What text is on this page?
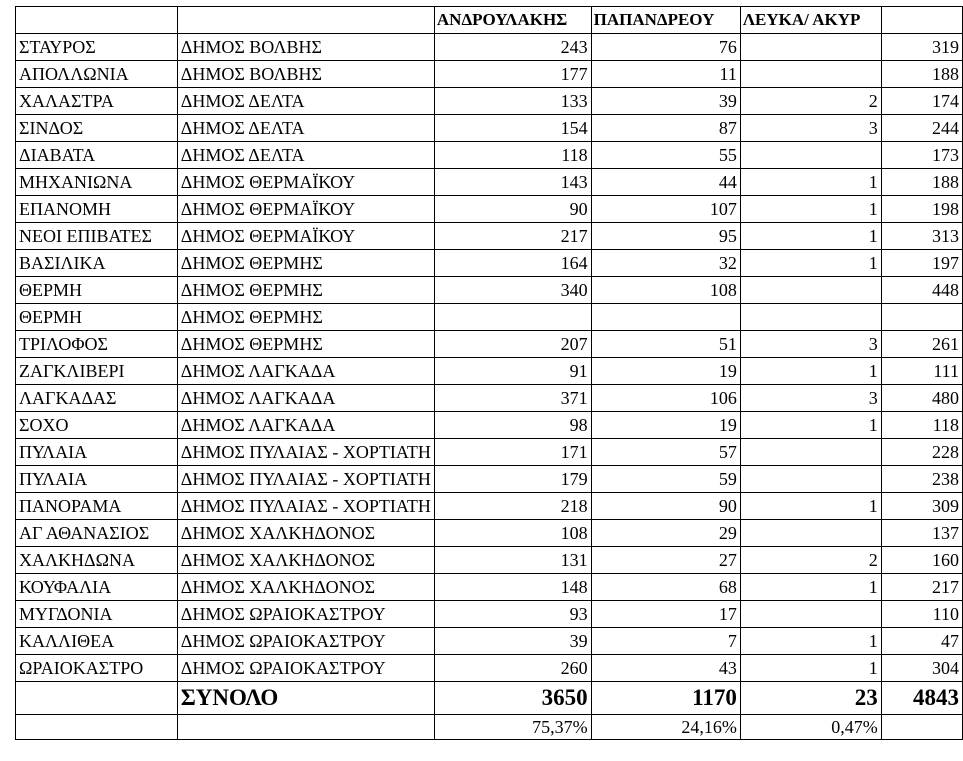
		ΑΝΔΡΟΥΛΑΚΗΣ	ΠΑΠΑΝΔΡΕΟΥ	ΛΕΥΚΑ/ ΑΚΥΡ	
ΣΤΑΥΡΟΣ	ΔΗΜΟΣ ΒΟΛΒΗΣ	243	76		319
ΑΠΟΛΛΩΝΙΑ	ΔΗΜΟΣ ΒΟΛΒΗΣ	177	11		188
ΧΑΛΑΣΤΡΑ	ΔΗΜΟΣ ΔΕΛΤΑ	133	39	2	174
ΣΙΝΔΟΣ	ΔΗΜΟΣ ΔΕΛΤΑ	154	87	3	244
ΔΙΑΒΑΤΑ	ΔΗΜΟΣ ΔΕΛΤΑ	118	55		173
ΜΗΧΑΝΙΩΝΑ	ΔΗΜΟΣ ΘΕΡΜΑΪΚΟΥ	143	44	1	188
ΕΠΑΝΟΜΗ	ΔΗΜΟΣ ΘΕΡΜΑΪΚΟΥ	90	107	1	198
ΝΕΟΙ ΕΠΙΒΑΤΕΣ	ΔΗΜΟΣ ΘΕΡΜΑΪΚΟΥ	217	95	1	313
ΒΑΣΙΛΙΚΑ	ΔΗΜΟΣ ΘΕΡΜΗΣ	164	32	1	197
ΘΕΡΜΗ	ΔΗΜΟΣ ΘΕΡΜΗΣ	340	108		448
ΘΕΡΜΗ	ΔΗΜΟΣ ΘΕΡΜΗΣ				
ΤΡΙΛΟΦΟΣ	ΔΗΜΟΣ ΘΕΡΜΗΣ	207	51	3	261
ΖΑΓΚΛΙΒΕΡΙ	ΔΗΜΟΣ ΛΑΓΚΑΔΑ	91	19	1	111
ΛΑΓΚΑΔΑΣ	ΔΗΜΟΣ ΛΑΓΚΑΔΑ	371	106	3	480
ΣΟΧΟ	ΔΗΜΟΣ ΛΑΓΚΑΔΑ	98	19	1	118
ΠΥΛΑΙΑ	ΔΗΜΟΣ ΠΥΛΑΙΑΣ - ΧΟΡΤΙΑΤΗ	171	57		228
ΠΥΛΑΙΑ	ΔΗΜΟΣ ΠΥΛΑΙΑΣ - ΧΟΡΤΙΑΤΗ	179	59		238
ΠΑΝΟΡΑΜΑ	ΔΗΜΟΣ ΠΥΛΑΙΑΣ - ΧΟΡΤΙΑΤΗ	218	90	1	309
ΑΓ ΑΘΑΝΑΣΙΟΣ	ΔΗΜΟΣ ΧΑΛΚΗΔΟΝΟΣ	108	29		137
ΧΑΛΚΗΔΩΝΑ	ΔΗΜΟΣ ΧΑΛΚΗΔΟΝΟΣ	131	27	2	160
ΚΟΥΦΑΛΙΑ	ΔΗΜΟΣ ΧΑΛΚΗΔΟΝΟΣ	148	68	1	217
ΜΥΓΔΟΝΙΑ	ΔΗΜΟΣ ΩΡΑΙΟΚΑΣΤΡΟΥ	93	17		110
ΚΑΛΛΙΘΕΑ	ΔΗΜΟΣ ΩΡΑΙΟΚΑΣΤΡΟΥ	39	7	1	47
ΩΡΑΙΟΚΑΣΤΡΟ	ΔΗΜΟΣ ΩΡΑΙΟΚΑΣΤΡΟΥ	260	43	1	304
	ΣΥΝΟΛΟ	3650	1170	23	4843
		75,37%	24,16%	0,47%	
